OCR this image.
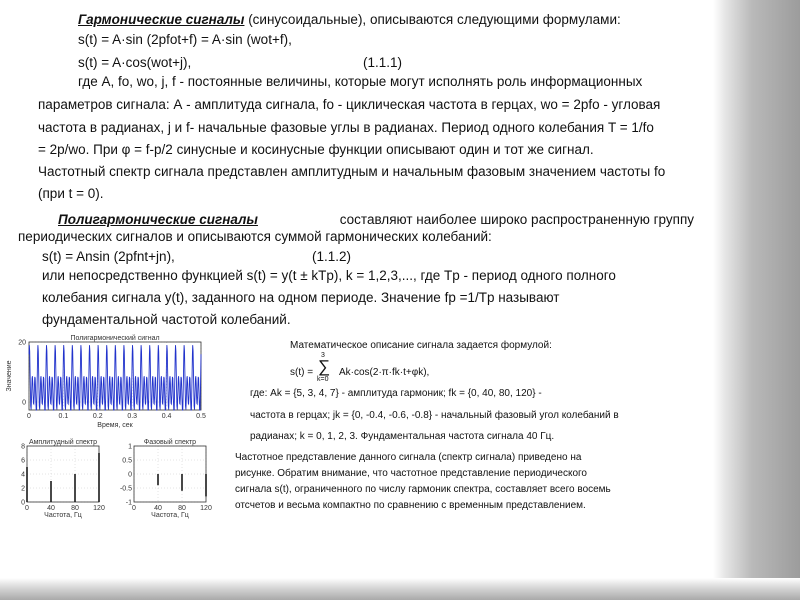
Гармонические сигналы (синусоидальные), описываются следующими формулами:
s(t) = A·sin (2pfot+f) = A·sin (wot+f),
s(t) = A·cos(wot+j),	(1.1.1)
где A, fo, wo, j, f - постоянные величины, которые могут исполнять роль информационных
параметров сигнала: А - амплитуда сигнала, fo - циклическая частота в герцах, wo = 2pfo - угловая
частота в радианах, j и f- начальные фазовые углы в радианах. Период одного колебания T = 1/fo
= 2p/wo. При φ = f-p/2 синусные и косинусные функции описывают один и тот же сигнал.
Частотный спектр сигнала представлен амплитудным и начальным фазовым значением частоты fo
(при t = 0).
Полигармонические сигналы	составляют наиболее широко распространенную группу
периодических сигналов и описываются суммой гармонических колебаний:
s(t) = Ansin (2pfnt+jn),	(1.1.2)
или непосредственно функцией s(t) = y(t ± kTp), k = 1,2,3,..., где Tp - период одного полного
колебания сигнала y(t), заданного на одном периоде. Значение fp =1/Tp называют
фундаментальной частотой колебаний.
Математическое описание сигнала задается формулой:
s(t) =
3
∑
k=0
Ak·cos(2·π·fk·t+φk),
где: Ak = {5, 3, 4, 7} - амплитуда гармоник; fk = {0, 40, 80, 120} -
частота в герцах; jk = {0, -0.4, -0.6, -0.8} - начальный фазовый угол колебаний в
радианах; k = 0, 1, 2, 3. Фундаментальная частота сигнала 40 Гц.
Частотное представление данного сигнала (спектр сигнала) приведено на
рисунке. Обратим внимание, что частотное представление периодического
сигнала s(t), ограниченного по числу гармоник спектра, составляет всего восемь
отсчетов и весьма компактно по сравнению с временным представлением.
20
0
0	0.1	0.2	0.3	0.4	0.5
Полигармонический сигнал
Время, сек
Значение
0	40 80 120
8
6
4
2
0
Амплитудный спектр
Частота, Гц
0	40 80 120
1
0.5
0
-0.5
-1
Фазовый спектр
Частота, Гц
